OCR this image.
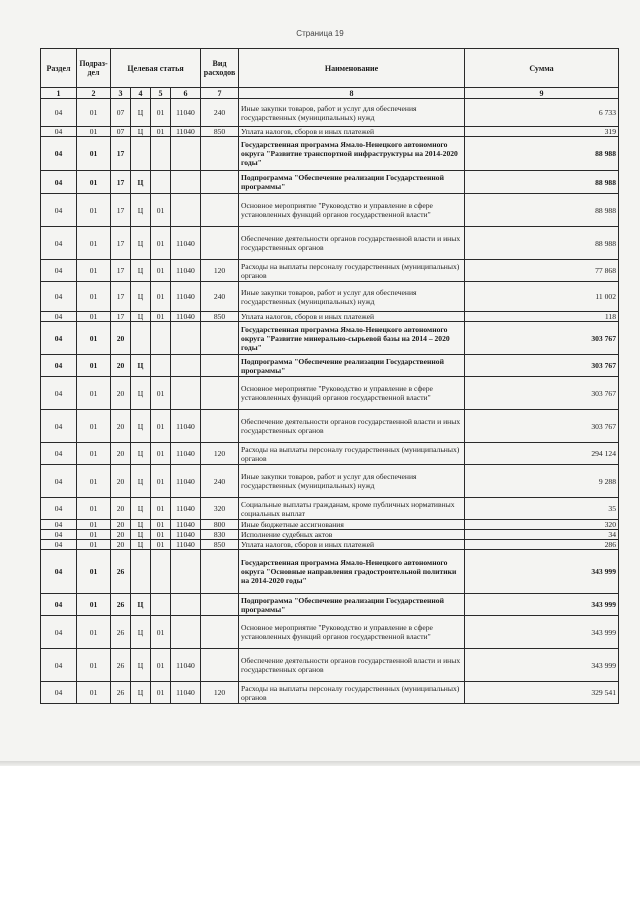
Страница 19
Раздел	Подраз-дел	Целевая статья				Вид расходов	Наименование	Сумма
1	2	3	4	5	6	7	8	9
04	01	07	Ц	01	11040	240	Иные закупки товаров, работ и услуг для обеспечения государственных (муниципальных) нужд	6 733
04	01	07	Ц	01	11040	850	Уплата налогов, сборов и иных платежей	319
04	01	17					Государственная программа Ямало-Ненецкого автономного округа "Развитие транспортной инфраструктуры на 2014-2020 годы"	88 988
04	01	17	Ц				Подпрограмма "Обеспечение реализации Государственной программы"	88 988
04	01	17	Ц	01			Основное мероприятие "Руководство и управление в сфере установленных функций органов государственной власти"	88 988
04	01	17	Ц	01	11040		Обеспечение деятельности органов государственной власти и иных государственных органов	88 988
04	01	17	Ц	01	11040	120	Расходы на выплаты персоналу государственных (муниципальных) органов	77 868
04	01	17	Ц	01	11040	240	Иные закупки товаров, работ и услуг для обеспечения государственных (муниципальных) нужд	11 002
04	01	17	Ц	01	11040	850	Уплата налогов, сборов и иных платежей	118
04	01	20					Государственная программа Ямало-Ненецкого автономного округа "Развитие минерально-сырьевой базы на 2014 – 2020 годы"	303 767
04	01	20	Ц				Подпрограмма "Обеспечение реализации Государственной программы"	303 767
04	01	20	Ц	01			Основное мероприятие "Руководство и управление в сфере установленных функций органов государственной власти"	303 767
04	01	20	Ц	01	11040		Обеспечение деятельности органов государственной власти и иных государственных органов	303 767
04	01	20	Ц	01	11040	120	Расходы на выплаты персоналу государственных (муниципальных) органов	294 124
04	01	20	Ц	01	11040	240	Иные закупки товаров, работ и услуг для обеспечения государственных (муниципальных) нужд	9 288
04	01	20	Ц	01	11040	320	Социальные выплаты гражданам, кроме публичных нормативных социальных выплат	35
04	01	20	Ц	01	11040	800	Иные бюджетные ассигнования	320
04	01	20	Ц	01	11040	830	Исполнение судебных актов	34
04	01	20	Ц	01	11040	850	Уплата налогов, сборов и иных платежей	286
04	01	26					Государственная программа Ямало-Ненецкого автономного округа "Основные направления градостроительной политики на 2014-2020 годы"	343 999
04	01	26	Ц				Подпрограмма "Обеспечение реализации Государственной программы"	343 999
04	01	26	Ц	01			Основное мероприятие "Руководство и управление в сфере установленных функций органов государственной власти"	343 999
04	01	26	Ц	01	11040		Обеспечение деятельности органов государственной власти и иных государственных органов	343 999
04	01	26	Ц	01	11040	120	Расходы на выплаты персоналу государственных (муниципальных) органов	329 541
